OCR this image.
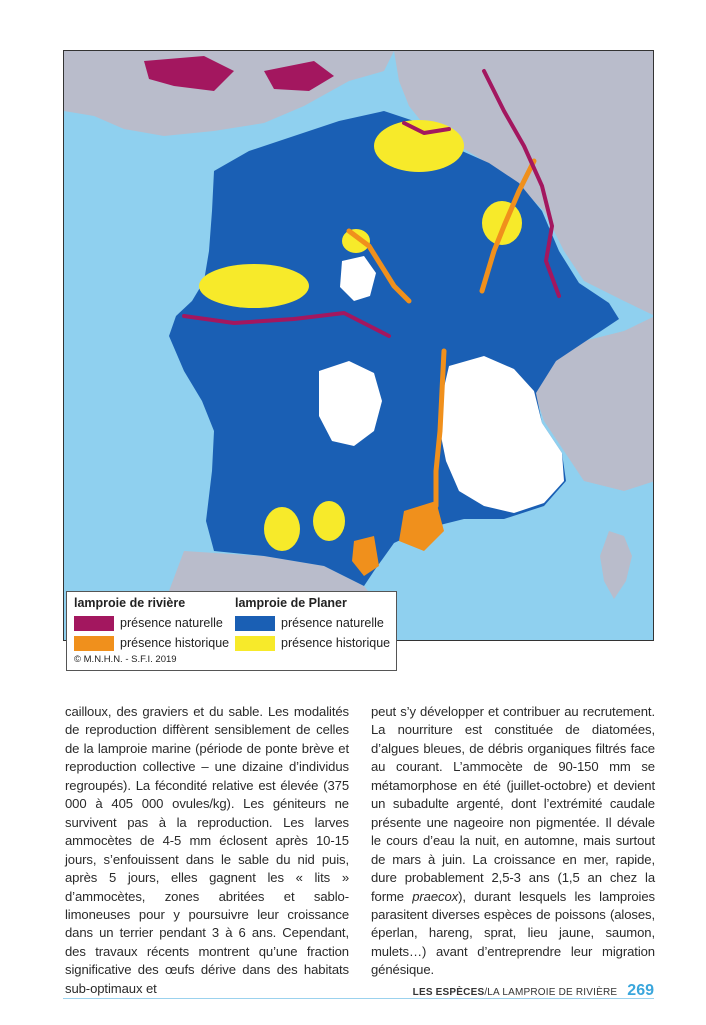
lamproie de rivière
présence naturelle
présence historique
lamproie de Planer
présence naturelle
présence historique
© M.N.H.N. - S.F.I. 2019
cailloux, des graviers et du sable. Les modalités de reproduction diffèrent sensiblement de celles de la lamproie marine (période de ponte brève et reproduction collective – une dizaine d’individus regroupés). La fécondité relative est élevée (375 000 à 405 000 ovules/kg). Les géniteurs ne survivent pas à la reproduction. Les larves ammocètes de 4-5 mm éclosent après 10-15 jours, s’enfouissent dans le sable du nid puis, après 5 jours, elles gagnent les « lits » d’ammocètes, zones abritées et sablo-limoneuses pour y poursuivre leur croissance dans un terrier pendant 3 à 6 ans. Cependant, des travaux récents montrent qu’une fraction significative des œufs dérive dans des habitats sub-optimaux et
peut s’y développer et contribuer au recrutement. La nourriture est constituée de diatomées, d’algues bleues, de débris organiques filtrés face au courant. L’ammocète de 90-150 mm se métamorphose en été (juillet-octobre) et devient un subadulte argenté, dont l’extrémité caudale présente une nageoire non pigmentée. Il dévale le cours d’eau la nuit, en automne, mais surtout de mars à juin. La croissance en mer, rapide, dure probablement 2,5-3 ans (1,5 an chez la forme praecox), durant lesquels les lamproies parasitent diverses espèces de poissons (aloses, éperlan, hareng, sprat, lieu jaune, saumon, mulets…) avant d’entreprendre leur migration génésique.
LES ESPÈCES / LA LAMPROIE DE RIVIÈRE 269
